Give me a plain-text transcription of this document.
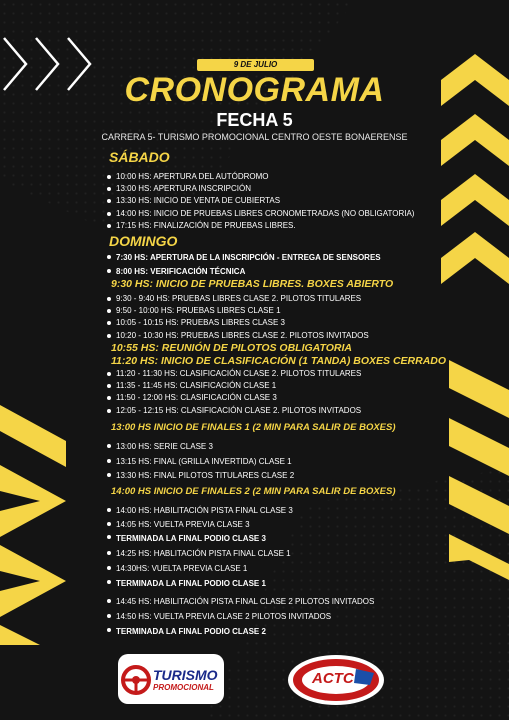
9 DE JULIO
CRONOGRAMA
FECHA 5
CARRERA 5- TURISMO PROMOCIONAL CENTRO OESTE BONAERENSE
SÁBADO
10:00 HS: APERTURA DEL AUTÓDROMO
13:00 HS: APERTURA INSCRIPCIÓN
13:30 HS: INICIO DE VENTA DE CUBIERTAS
14:00 HS: INICIO DE PRUEBAS LIBRES CRONOMETRADAS (NO OBLIGATORIA)
17:15 HS: FINALIZACIÓN DE PRUEBAS LIBRES.
DOMINGO
7:30 HS: APERTURA DE LA INSCRIPCIÓN - ENTREGA DE SENSORES
8:00 HS: VERIFICACIÓN TÉCNICA
9:30 HS: INICIO DE PRUEBAS LIBRES. BOXES ABIERTO
9:30 - 9:40 HS: PRUEBAS LIBRES CLASE 2. PILOTOS TITULARES
9:50 - 10:00 HS: PRUEBAS LIBRES CLASE 1
10:05 - 10:15 HS: PRUEBAS LIBRES CLASE 3
10:20 - 10:30 HS: PRUEBAS LIBRES CLASE 2. PILOTOS INVITADOS
10:55 HS: REUNIÓN DE PILOTOS OBLIGATORIA
11:20 HS: INICIO DE CLASIFICACIÓN (1 TANDA) BOXES CERRADO
11:20 - 11:30 HS: CLASIFICACIÓN CLASE 2. PILOTOS TITULARES
11:35 - 11:45 HS: CLASIFICACIÓN CLASE 1
11:50 - 12:00 HS: CLASIFICACIÓN CLASE 3
12:05 - 12:15 HS: CLASIFICACIÓN CLASE 2. PILOTOS INVITADOS
13:00 HS INICIO DE FINALES 1 (2 MIN PARA SALIR DE BOXES)
13:00 HS: SERIE CLASE 3
13:15 HS: FINAL (GRILLA INVERTIDA) CLASE 1
13:30 HS: FINAL PILOTOS TITULARES CLASE 2
14:00 HS INICIO DE FINALES 2 (2 MIN PARA SALIR DE BOXES)
14:00 HS: HABILITACIÓN PISTA FINAL CLASE 3
14:05 HS: VUELTA PREVIA CLASE 3
TERMINADA LA FINAL PODIO CLASE 3
14:25 HS: HABLITACIÓN PISTA FINAL CLASE 1
14:30HS: VUELTA PREVIA CLASE 1
TERMINADA LA FINAL PODIO CLASE 1
14:45 HS: HABILITACIÓN PISTA FINAL CLASE 2 PILOTOS INVITADOS
14:50 HS: VUELTA PREVIA CLASE 2 PILOTOS INVITADOS
TERMINADA LA FINAL PODIO CLASE 2
TURISMO
PROMOCIONAL
ACTC
